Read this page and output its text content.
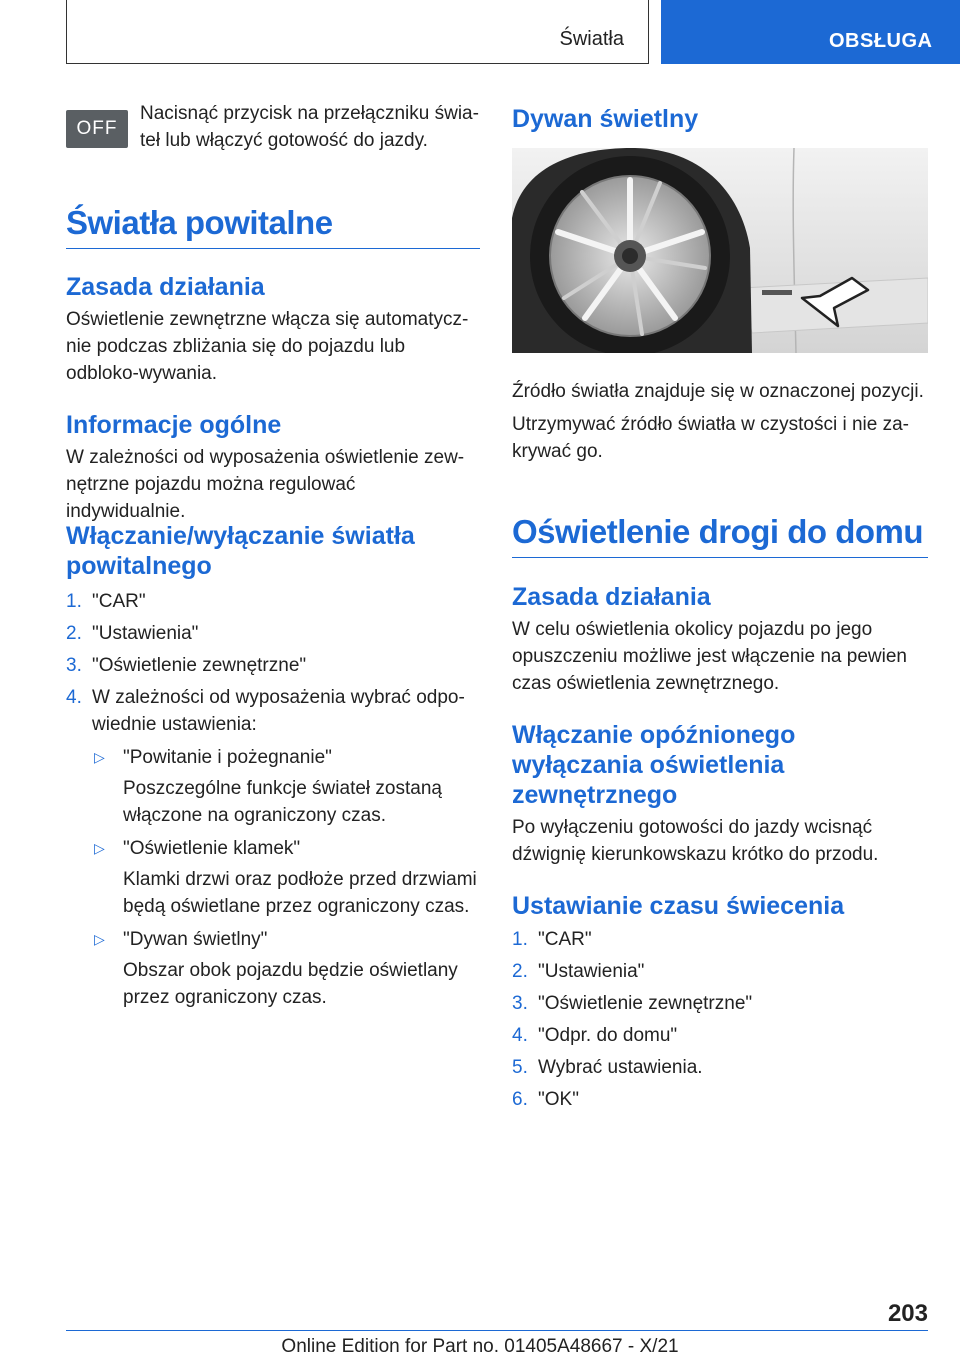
Światła	OBSŁUGA
OFF

Nacisnąć przycisk na przełączniku świa-teł lub włączyć gotowość do jazdy.

Światła powitalne
Zasada działania

Oświetlenie zewnętrzne włącza się automatycz-nie podczas zbliżania się do pojazdu lub odbloko-wywania.

Informacje ogólne

W zależności od wyposażenia oświetlenie zew-nętrzne pojazdu można regulować indywidualnie.

Włączanie/wyłączanie światła powitalnego
1. "CAR"
2. "Ustawienia"
3. "Oświetlenie zewnętrzne"
4. W zależności od wyposażenia wybrać odpo-wiednie ustawienia:
▷ "Powitanie i pożegnanie"

Poszczególne funkcje świateł zostaną włączone na ograniczony czas.

▷ "Oświetlenie klamek"

Klamki drzwi oraz podłoże przed drzwiami będą oświetlane przez ograniczony czas.

▷ "Dywan świetlny"

Obszar obok pojazdu będzie oświetlany przez ograniczony czas.

Dywan świetlny

Źródło światła znajduje się w oznaczonej pozycji.

Utrzymywać źródło światła w czystości i nie za-krywać go.

Oświetlenie drogi do domu
Zasada działania

W celu oświetlenia okolicy pojazdu po jego opuszczeniu możliwe jest włączenie na pewien czas oświetlenia zewnętrznego.

Włączanie opóźnionego wyłączania oświetlenia zewnętrznego

Po wyłączeniu gotowości do jazdy wcisnąć dźwignię kierunkowskazu krótko do przodu.

Ustawianie czasu świecenia
1. "CAR"
2. "Ustawienia"
3. "Oświetlenie zewnętrzne"
4. "Odpr. do domu"
5. Wybrać ustawienia.
6. "OK"
203
Online Edition for Part no. 01405A48667 - X/21
